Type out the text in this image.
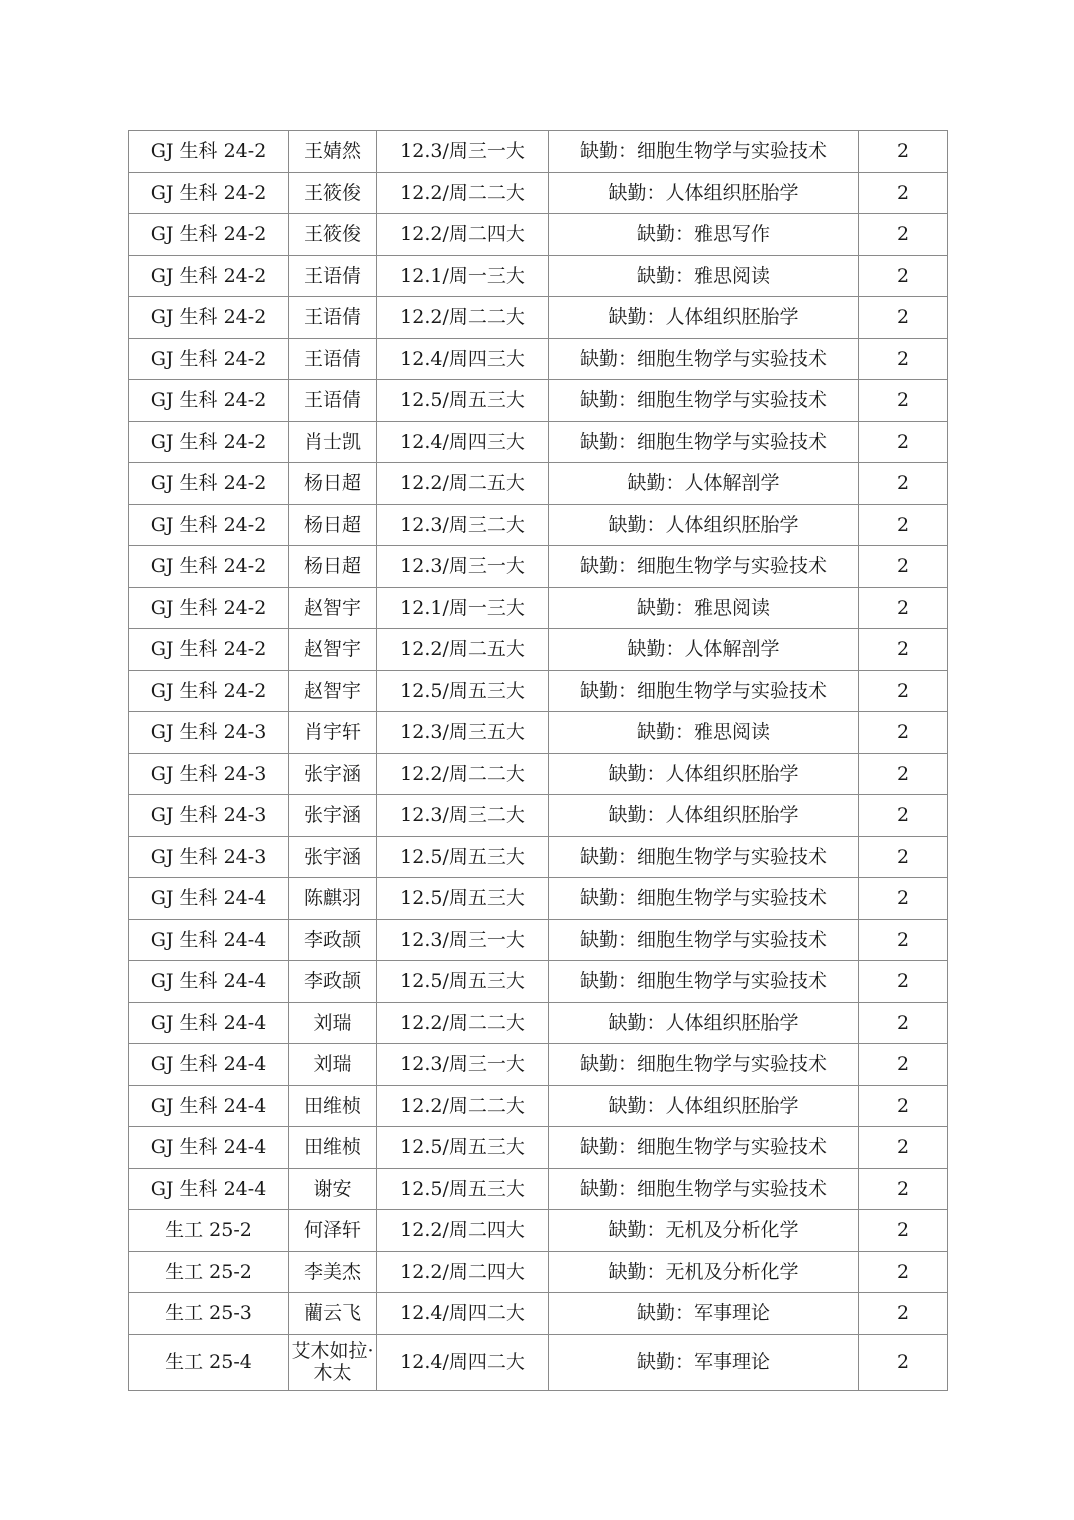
GJ 生科 24-2	王婧然	12.3/周三一大	缺勤：细胞生物学与实验技术	2
GJ 生科 24-2	王筱俊	12.2/周二二大	缺勤：人体组织胚胎学	2
GJ 生科 24-2	王筱俊	12.2/周二四大	缺勤：雅思写作	2
GJ 生科 24-2	王语倩	12.1/周一三大	缺勤：雅思阅读	2
GJ 生科 24-2	王语倩	12.2/周二二大	缺勤：人体组织胚胎学	2
GJ 生科 24-2	王语倩	12.4/周四三大	缺勤：细胞生物学与实验技术	2
GJ 生科 24-2	王语倩	12.5/周五三大	缺勤：细胞生物学与实验技术	2
GJ 生科 24-2	肖士凯	12.4/周四三大	缺勤：细胞生物学与实验技术	2
GJ 生科 24-2	杨日超	12.2/周二五大	缺勤：人体解剖学	2
GJ 生科 24-2	杨日超	12.3/周三二大	缺勤：人体组织胚胎学	2
GJ 生科 24-2	杨日超	12.3/周三一大	缺勤：细胞生物学与实验技术	2
GJ 生科 24-2	赵智宇	12.1/周一三大	缺勤：雅思阅读	2
GJ 生科 24-2	赵智宇	12.2/周二五大	缺勤：人体解剖学	2
GJ 生科 24-2	赵智宇	12.5/周五三大	缺勤：细胞生物学与实验技术	2
GJ 生科 24-3	肖宇轩	12.3/周三五大	缺勤：雅思阅读	2
GJ 生科 24-3	张宇涵	12.2/周二二大	缺勤：人体组织胚胎学	2
GJ 生科 24-3	张宇涵	12.3/周三二大	缺勤：人体组织胚胎学	2
GJ 生科 24-3	张宇涵	12.5/周五三大	缺勤：细胞生物学与实验技术	2
GJ 生科 24-4	陈麒羽	12.5/周五三大	缺勤：细胞生物学与实验技术	2
GJ 生科 24-4	李政颉	12.3/周三一大	缺勤：细胞生物学与实验技术	2
GJ 生科 24-4	李政颉	12.5/周五三大	缺勤：细胞生物学与实验技术	2
GJ 生科 24-4	刘瑞	12.2/周二二大	缺勤：人体组织胚胎学	2
GJ 生科 24-4	刘瑞	12.3/周三一大	缺勤：细胞生物学与实验技术	2
GJ 生科 24-4	田维桢	12.2/周二二大	缺勤：人体组织胚胎学	2
GJ 生科 24-4	田维桢	12.5/周五三大	缺勤：细胞生物学与实验技术	2
GJ 生科 24-4	谢安	12.5/周五三大	缺勤：细胞生物学与实验技术	2
生工 25-2	何泽轩	12.2/周二四大	缺勤：无机及分析化学	2
生工 25-2	李美杰	12.2/周二四大	缺勤：无机及分析化学	2
生工 25-3	藺云飞	12.4/周四二大	缺勤：军事理论	2
生工 25-4	艾木如拉·木太	12.4/周四二大	缺勤：军事理论	2
